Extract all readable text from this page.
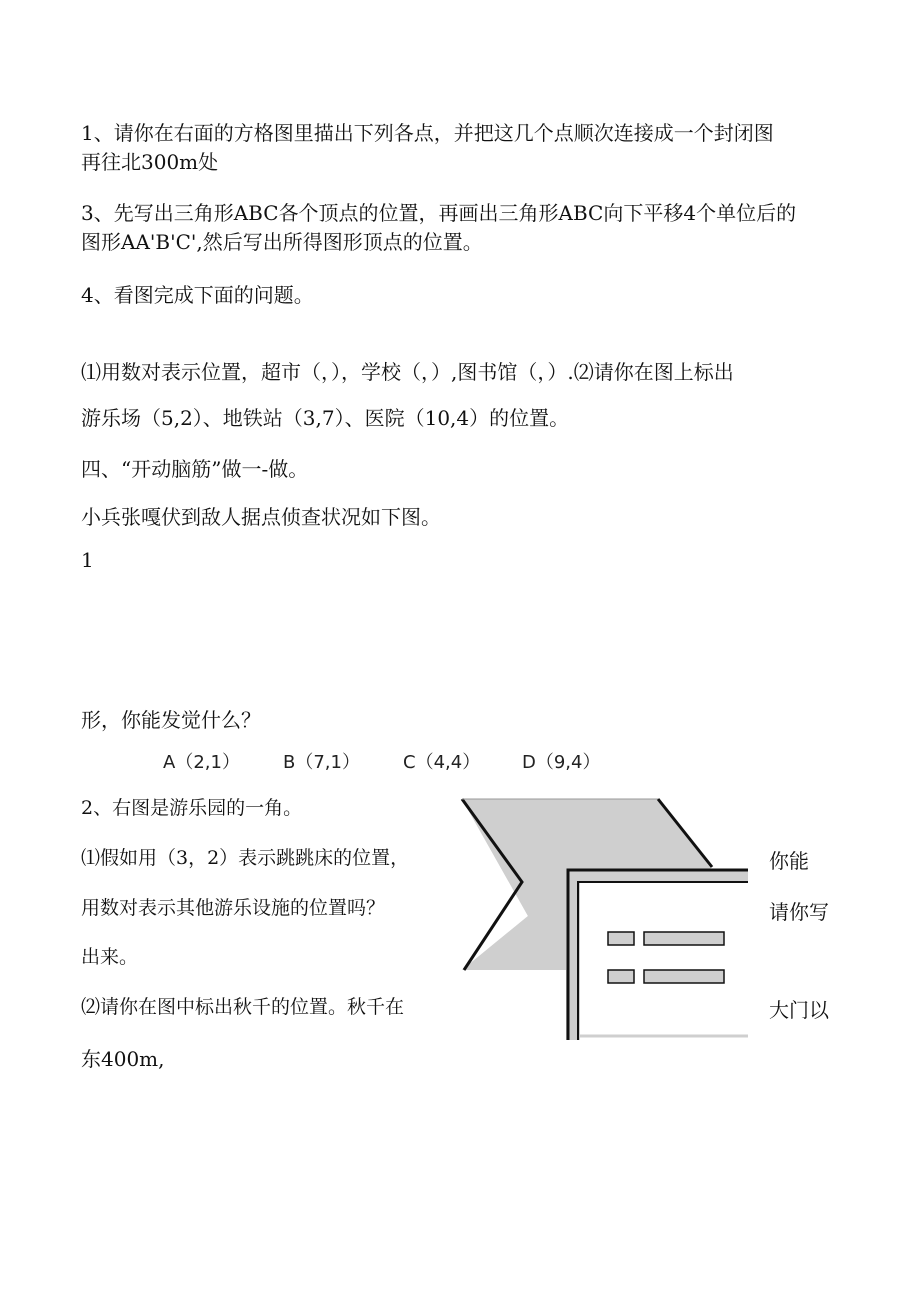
1、请你在右面的方格图里描出下列各点，并把这几个点顺次连接成一个封闭图
再往北300m处
3、先写出三角形ABC各个顶点的位置，再画出三角形ABC向下平移4个单位后的
图形AA'B'C',然后写出所得图形顶点的位置。
4、看图完成下面的问题。
⑴用数对表示位置，超市（，），学校（，）,图书馆（，）.⑵请你在图上标出
游乐场（5,2）、地铁站（3,7）、医院（10,4）的位置。
四、“开动脑筋”做一-做。
小兵张嘎伏到敌人据点侦查状况如下图。
1
形，你能发觉什么？
A（2,1） B（7,1） C（4,4） D（9,4）
2、右图是游乐园的一角。
⑴假如用（3，2）表示跳跳床的位置，
用数对表示其他游乐设施的位置吗？
出来。
⑵请你在图中标出秋千的位置。秋千在
东400m,
你能
请你写
大门以
